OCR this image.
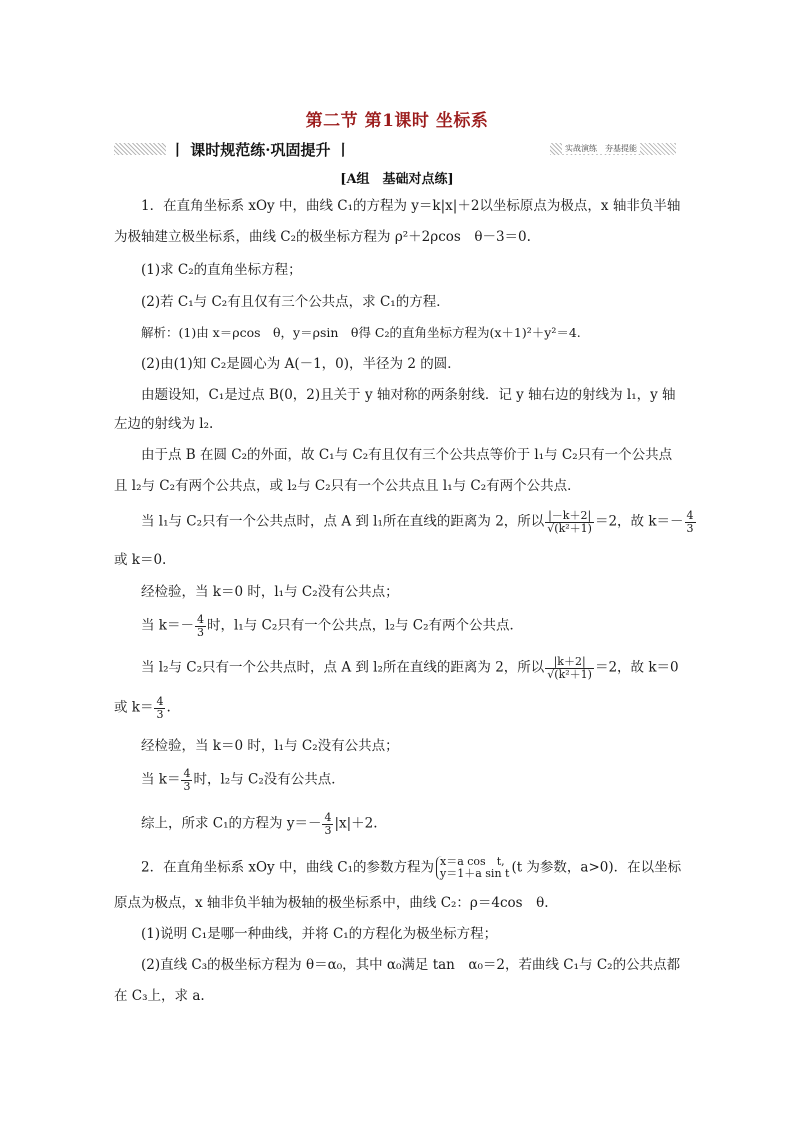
第二节 第1课时 坐标系
丨 课时规范练·巩固提升 丨	实战演练　夯基提能
[A组　基础对点练]
1．在直角坐标系 xOy 中，曲线 C₁的方程为 y＝k|x|＋2以坐标原点为极点，x 轴非负半轴
为极轴建立极坐标系，曲线 C₂的极坐标方程为 ρ²＋2ρcos　θ－3＝0.
(1)求 C₂的直角坐标方程；
(2)若 C₁与 C₂有且仅有三个公共点，求 C₁的方程．
解析：(1)由 x＝ρcos　θ，y＝ρsin　θ得 C₂的直角坐标方程为(x＋1)²＋y²＝4.
(2)由(1)知 C₂是圆心为 A(－1，0)，半径为 2 的圆．
由题设知，C₁是过点 B(0，2)且关于 y 轴对称的两条射线．记 y 轴右边的射线为 l₁，y 轴
左边的射线为 l₂.
由于点 B 在圆 C₂的外面，故 C₁与 C₂有且仅有三个公共点等价于 l₁与 C₂只有一个公共点
且 l₂与 C₂有两个公共点，或 l₂与 C₂只有一个公共点且 l₁与 C₂有两个公共点．
当 l₁与 C₂只有一个公共点时，点 A 到 l₁所在直线的距离为 2，所以 $\frac{|-k+2|}{\text{√(k²＋1)}} =2$，故 $k=- \frac{4}{3}$
或 k＝0.
经检验，当 k＝0 时，l₁与 C₂没有公共点；
当 $k=- \frac{4}{3}$ 时，l₁与 C₂只有一个公共点，l₂与 C₂有两个公共点．
当 l₂与 C₂只有一个公共点时，点 A 到 l₂所在直线的距离为 2，所以 $\frac{|k+2|}{\text{√(k²＋1)}} =2$，故 k＝0
或 $k= \frac{4}{3}$ .
经检验，当 k＝0 时，l₁与 C₂没有公共点；
当 $k= \frac{4}{3}$ 时，l₂与 C₂没有公共点．
综上，所求 C₁的方程为 $y=- \frac{4}{3} |x|+2$.
2．在直角坐标系 xOy 中，曲线 C₁的参数方程为 x＝a cos　t,
y＝1＋a sin t (t 为参数，a>0)．在以坐标
原点为极点，x 轴非负半轴为极轴的极坐标系中，曲线 C₂：ρ＝4cos　θ.
(1)说明 C₁是哪一种曲线，并将 C₁的方程化为极坐标方程；
(2)直线 C₃的极坐标方程为 θ＝α₀，其中 α₀满足 tan　α₀＝2，若曲线 C₁与 C₂的公共点都
在 C₃上，求 a.
